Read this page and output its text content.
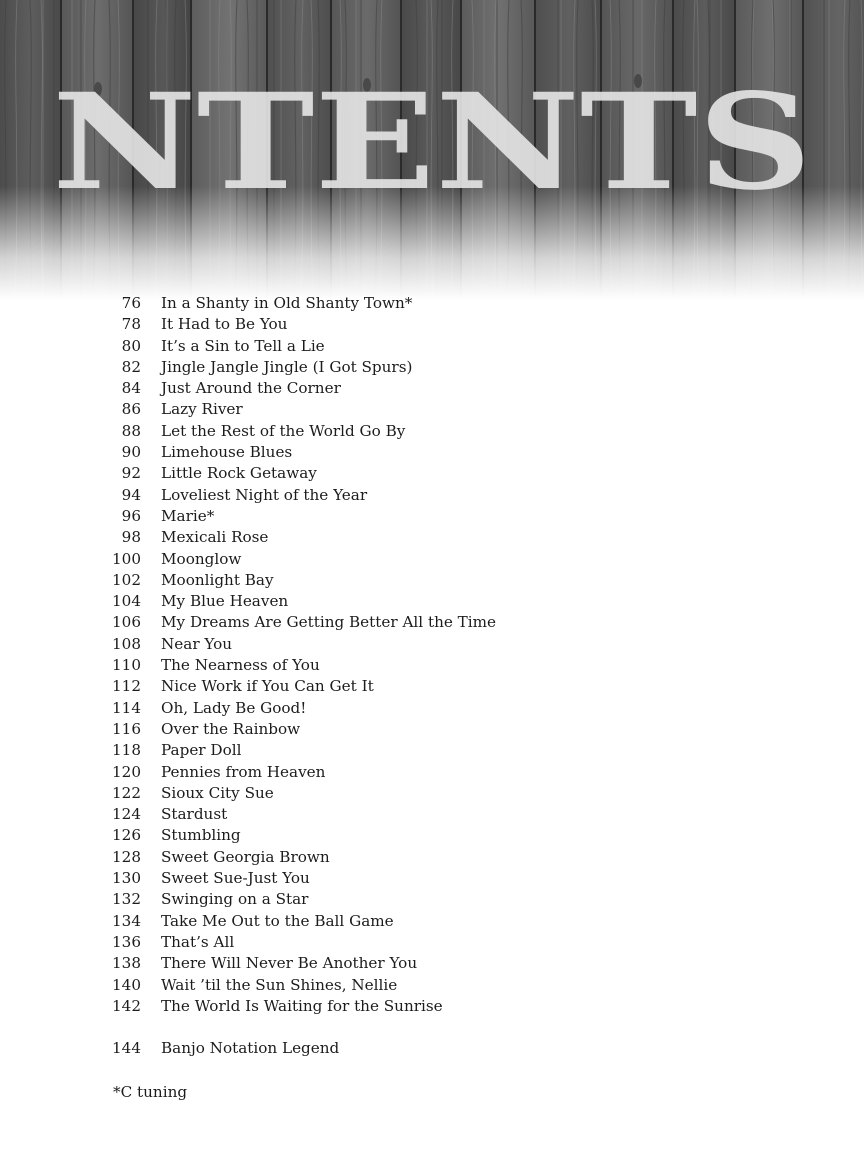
76 In a Shanty in Old Shanty Town*
78 It Had to Be You
80 It’s a Sin to Tell a Lie
82 Jingle Jangle Jingle (I Got Spurs)
84 Just Around the Corner
86 Lazy River
88 Let the Rest of the World Go By
90 Limehouse Blues
92 Little Rock Getaway
94 Loveliest Night of the Year
96 Marie*
98 Mexicali Rose
100 Moonglow
102 Moonlight Bay
104 My Blue Heaven
106 My Dreams Are Getting Better All the Time
108 Near You
110 The Nearness of You
112 Nice Work if You Can Get It
114 Oh, Lady Be Good!
116 Over the Rainbow
118 Paper Doll
120 Pennies from Heaven
122 Sioux City Sue
124 Stardust
126 Stumbling
128 Sweet Georgia Brown
130 Sweet Sue-Just You
132 Swinging on a Star
134 Take Me Out to the Ball Game
136 That’s All
138 There Will Never Be Another You
140 Wait ’til the Sun Shines, Nellie
142 The World Is Waiting for the Sunrise
144 Banjo Notation Legend
*C tuning
